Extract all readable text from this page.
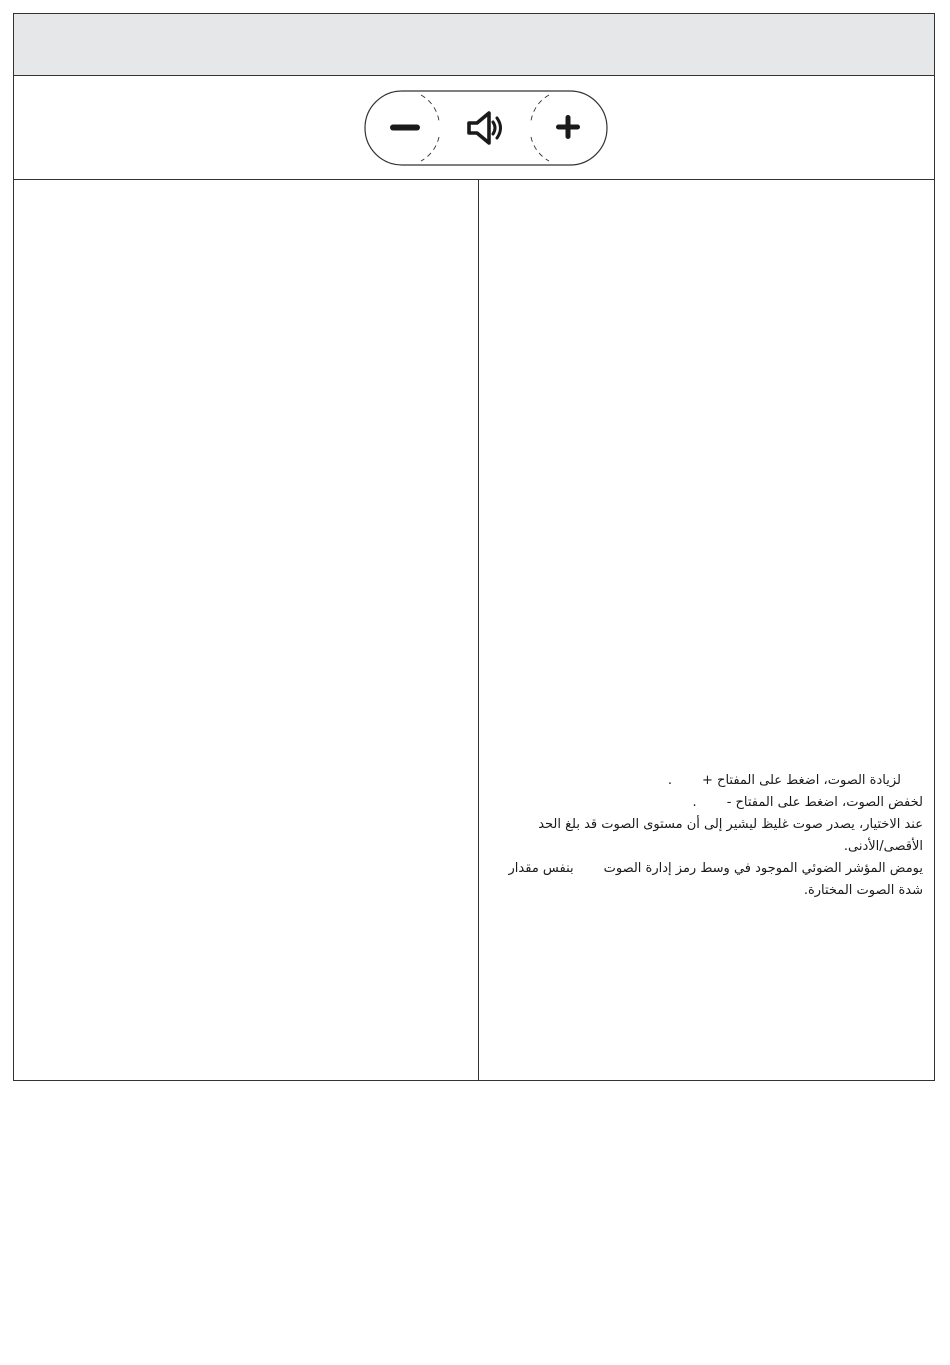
لزيادة الصوت، اضغط على المفتاح +.
لخفض الصوت، اضغط على المفتاح -.
عند الاختيار، يصدر صوت غليظ ليشير إلى أن مستوى الصوت قد بلغ الحد الأقصى/الأدنى.
يومض المؤشر الضوئي الموجود في وسط رمز إدارة الصوتبنفس مقدار شدة الصوت المختارة.
